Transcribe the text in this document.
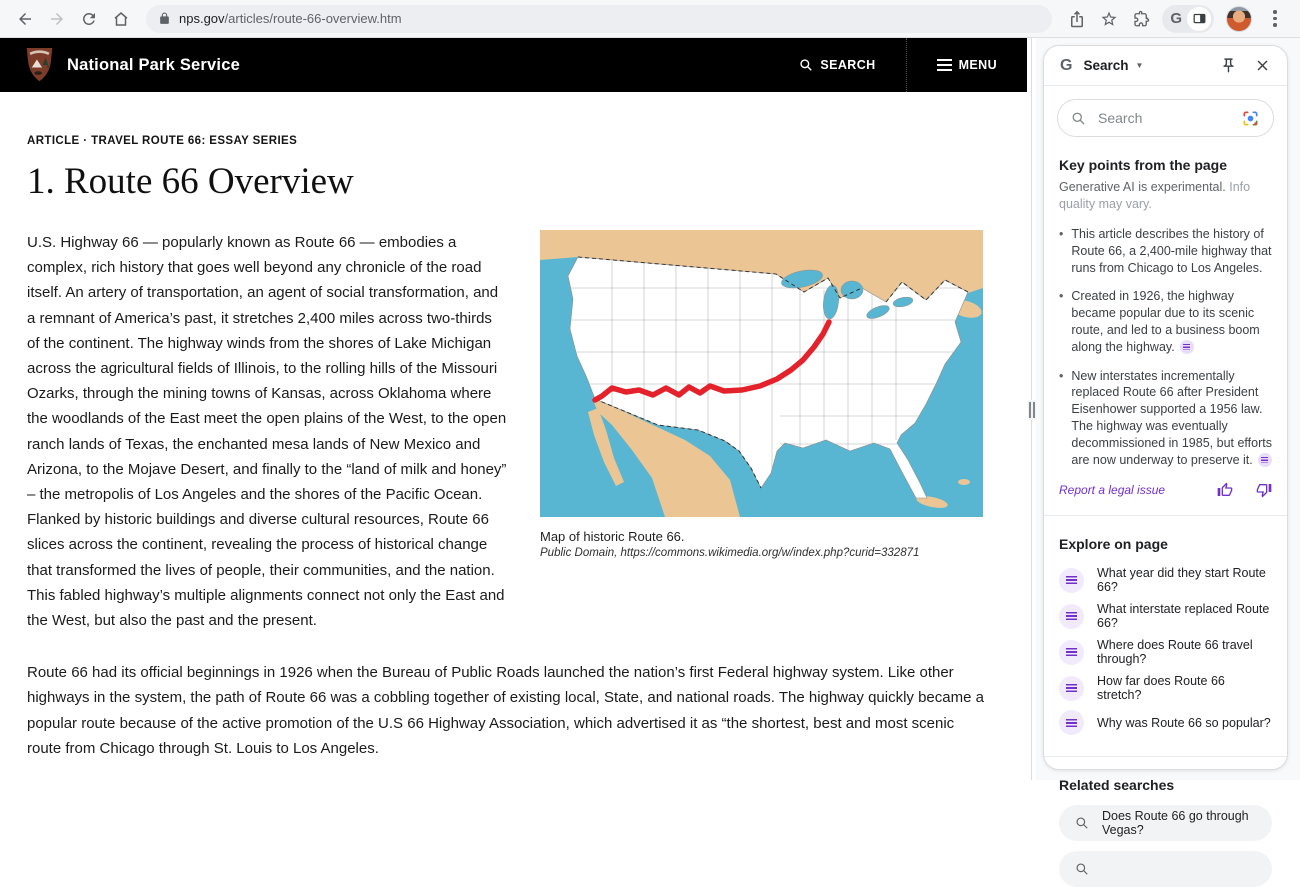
nps.gov/articles/route-66-overview.htm	G
National Park Service	SEARCH	MENU
ARTICLE · TRAVEL ROUTE 66: ESSAY SERIES
1. Route 66 Overview

U.S. Highway 66 — popularly known as Route 66 — embodies a complex, rich history that goes well beyond any chronicle of the road itself. An artery of transportation, an agent of social transformation, and a remnant of America’s past, it stretches 2,400 miles across two-thirds of the continent. The highway winds from the shores of Lake Michigan across the agricultural fields of Illinois, to the rolling hills of the Missouri Ozarks, through the mining towns of Kansas, across Oklahoma where the woodlands of the East meet the open plains of the West, to the open ranch lands of Texas, the enchanted mesa lands of New Mexico and Arizona, to the Mojave Desert, and finally to the “land of milk and honey” – the metropolis of Los Angeles and the shores of the Pacific Ocean. Flanked by historic buildings and diverse cultural resources, Route 66 slices across the continent, revealing the process of historical change that transformed the lives of people, their communities, and the nation. This fabled highway’s multiple alignments connect not only the East and the West, but also the past and the present.

Map of historic Route 66.
Public Domain, https://commons.wikimedia.org/w/index.php?curid=332871

Route 66 had its official beginnings in 1926 when the Bureau of Public Roads launched the nation’s first Federal highway system. Like other highways in the system, the path of Route 66 was a cobbling together of existing local, State, and national roads. The highway quickly became a popular route because of the active promotion of the U.S 66 Highway Association, which advertised it as “the shortest, best and most scenic route from Chicago through St. Louis to Los Angeles.

G Search ▼
Search
Key points from the page
Generative AI is experimental. Info quality may vary.
• This article describes the history of Route 66, a 2,400-mile highway that runs from Chicago to Los Angeles.
• Created in 1926, the highway became popular due to its scenic route, and led to a business boom along the highway.
• New interstates incrementally replaced Route 66 after President Eisenhower supported a 1956 law. The highway was eventually decommissioned in 1985, but efforts are now underway to preserve it.
Report a legal issue
Explore on page
What year did they start Route 66?
What interstate replaced Route 66?
Where does Route 66 travel through?
How far does Route 66 stretch?
Why was Route 66 so popular?
Related searches
Does Route 66 go through Vegas?
